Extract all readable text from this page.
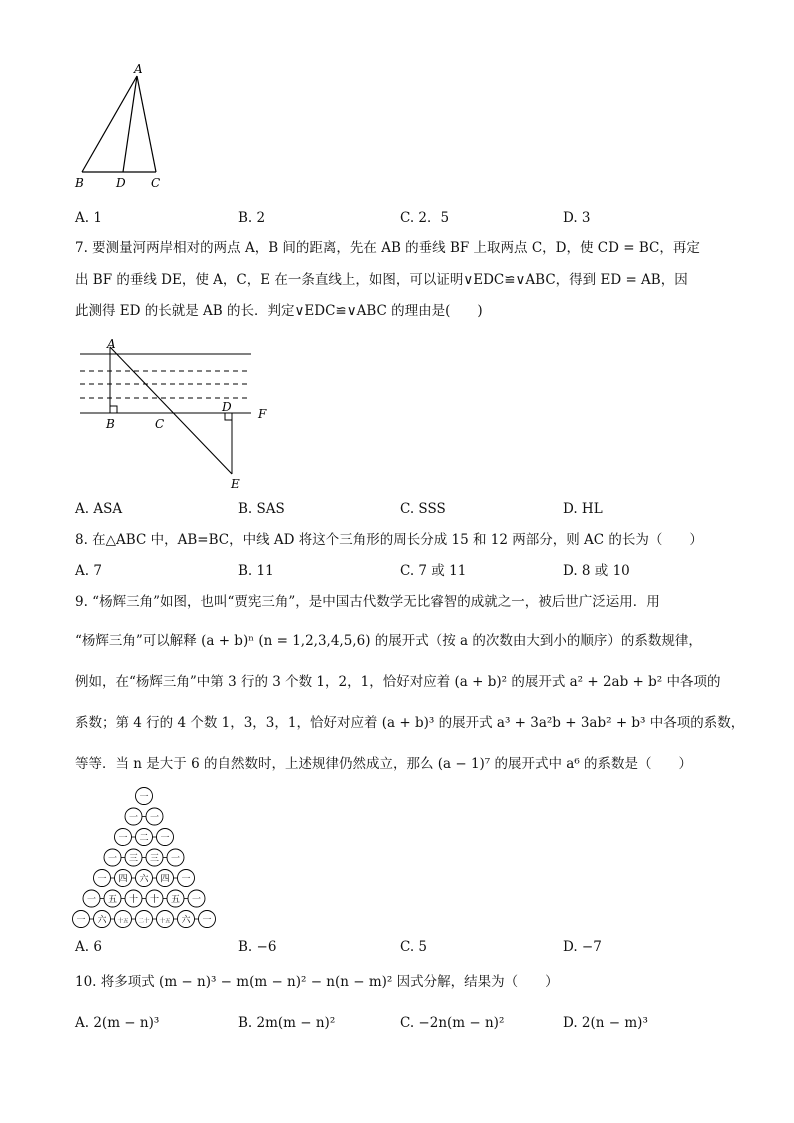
A
B	D C
A. 1	B. 2	C. 2．5	D. 3
7. 要测量河两岸相对的两点 A，B 间的距离，先在 AB 的垂线 BF 上取两点 C，D，使 CD = BC，再定
出 BF 的垂线 DE，使 A，C，E 在一条直线上，如图，可以证明∨EDC≌∨ABC，得到 ED = AB，因
此测得 ED 的长就是 AB 的长．判定∨EDC≌∨ABC 的理由是(　　)
A
B	C
D F
E
A. ASA	B. SAS	C. SSS	D. HL
8. 在△ABC 中，AB=BC，中线 AD 将这个三角形的周长分成 15 和 12 两部分，则 AC 的长为（　　）
A. 7	B. 11	C. 7 或 11	D. 8 或 10
9. “杨辉三角”如图，也叫“贾宪三角”，是中国古代数学无比睿智的成就之一，被后世广泛运用．用
“杨辉三角”可以解释 (a + b)ⁿ (n = 1,2,3,4,5,6) 的展开式（按 a 的次数由大到小的顺序）的系数规律，
例如，在“杨辉三角”中第 3 行的 3 个数 1，2，1，恰好对应着 (a + b)² 的展开式 a² + 2ab + b² 中各项的
系数；第 4 行的 4 个数 1，3，3，1，恰好对应着 (a + b)³ 的展开式 a³ + 3a²b + 3ab² + b³ 中各项的系数，
等等．当 n 是大于 6 的自然数时，上述规律仍然成立，那么 (a − 1)⁷ 的展开式中 a⁶ 的系数是（　　）
一
一 一
一 二 一
一 三 三 一
一 四 六 四 一
一 五 十 十 五 一
一 六 十五 二十 十五 六 一
A. 6	B. −6	C. 5	D. −7
10. 将多项式 (m − n)³ − m(m − n)² − n(n − m)² 因式分解，结果为（　　）
A. 2(m − n)³	B. 2m(m − n)²	C. −2n(m − n)²	D. 2(n − m)³
